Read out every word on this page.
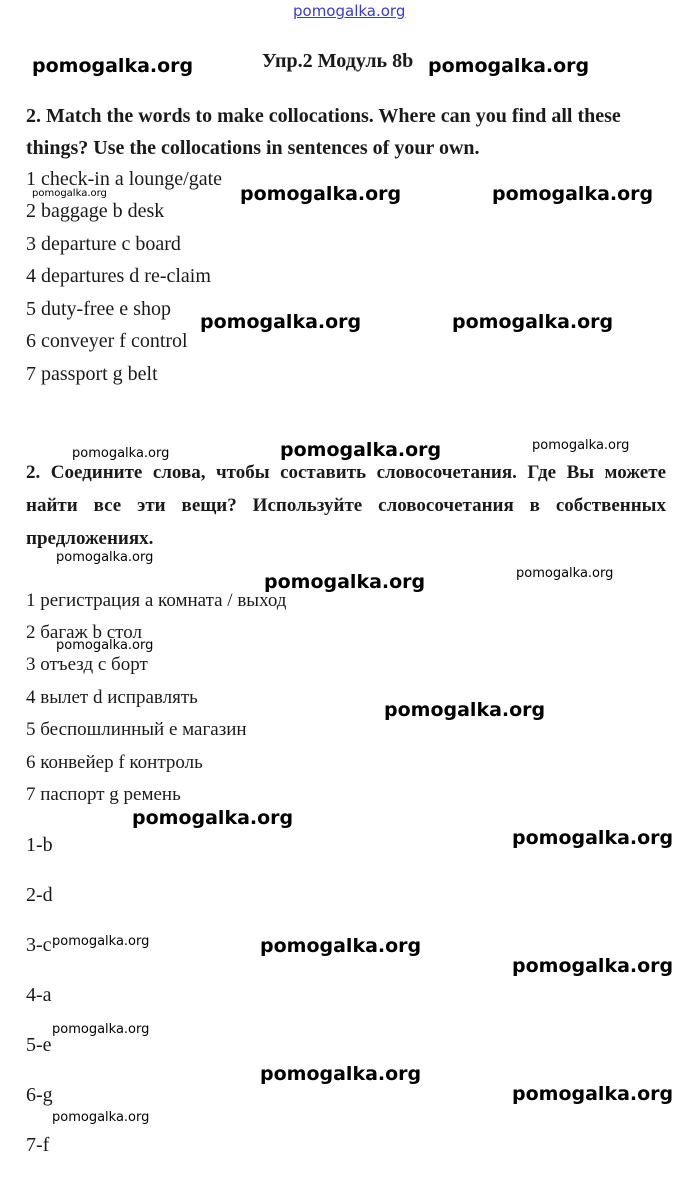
pomogalka.org
Упр.2 Модуль 8b
2. Match the words to make collocations. Where can you find all these things? Use the collocations in sentences of your own.
1 check-in a lounge/gate
2 baggage b desk
3 departure c board
4 departures d re-claim
5 duty-free e shop
6 conveyer f control
7 passport g belt
2. Соедините слова, чтобы составить словосочетания. Где Вы можете найти все эти вещи? Используйте словосочетания в собственных предложениях.
1 регистрация a комната / выход
2 багаж b стол
3 отъезд c борт
4 вылет d исправлять
5 беспошлинный e магазин
6 конвейер f контроль
7 паспорт g ремень
1-b
2-d
3-c
4-a
5-e
6-g
7-f
pomogalka.org	pomogalka.org
pomogalka.org	pomogalka.org	pomogalka.org
pomogalka.org	pomogalka.org
pomogalka.org	pomogalka.org	pomogalka.org
pomogalka.org
pomogalka.org	pomogalka.org
pomogalka.org
pomogalka.org
pomogalka.org
pomogalka.org
pomogalka.org	pomogalka.org
pomogalka.org
pomogalka.org
pomogalka.org
pomogalka.org
pomogalka.org
